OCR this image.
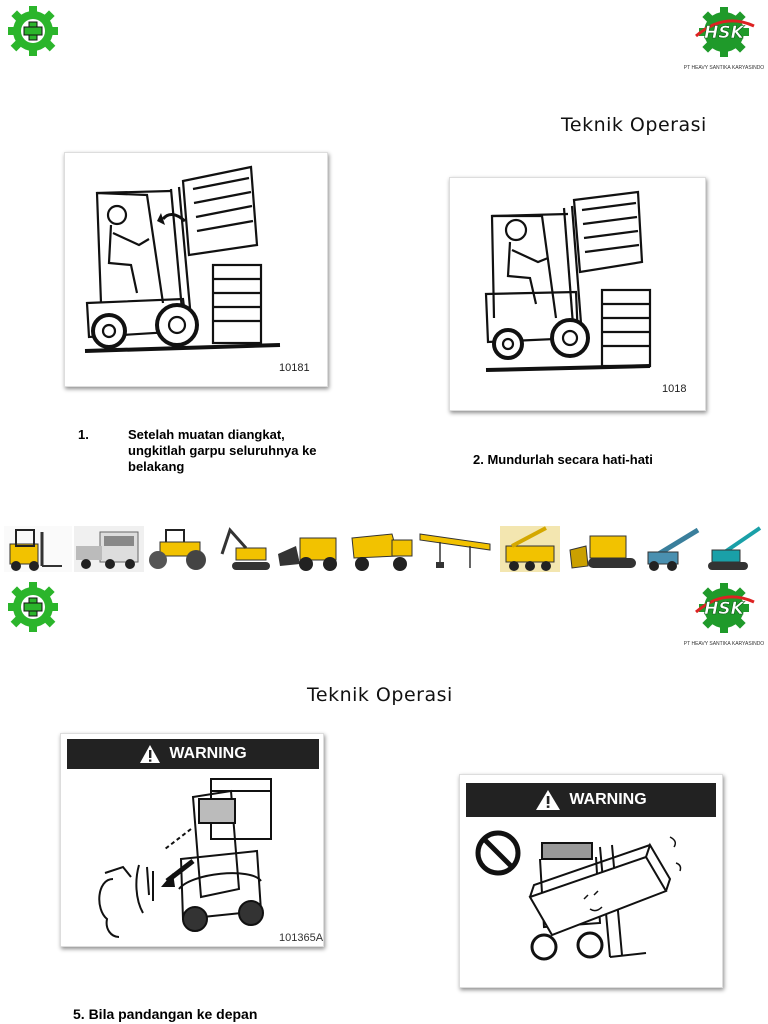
HSK
PT HEAVY SANTIKA KARYASINDO
Teknik Operasi
10181
1018
1.	Setelah muatan diangkat, ungkitlah garpu seluruhnya ke belakang	2. Mundurlah secara hati-hati
HSK
PT HEAVY SANTIKA KARYASINDO
Teknik Operasi
WARNING
101365A
WARNING
5. Bila pandangan ke depan
